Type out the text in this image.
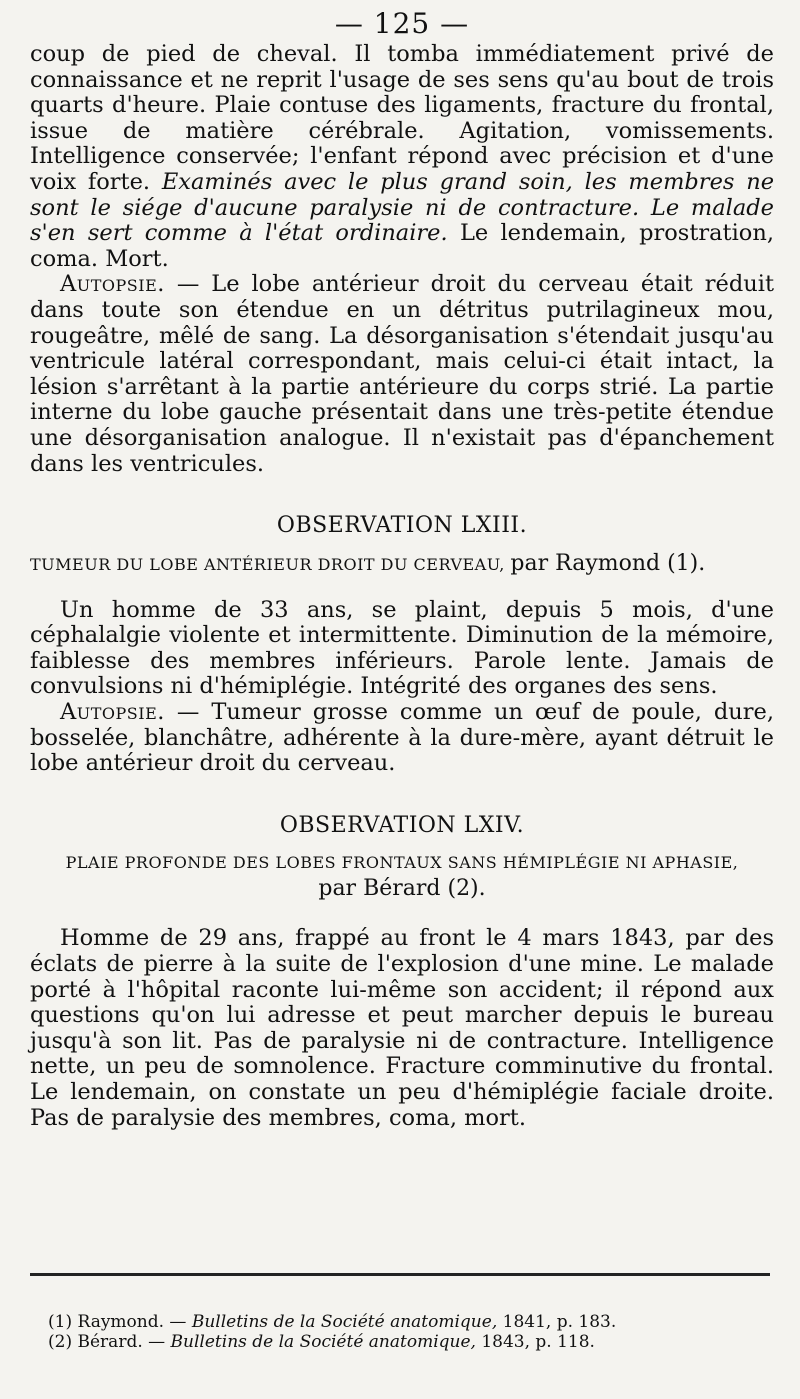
— 125 —

coup de pied de cheval. Il tomba immédiatement privé de connaissance et ne reprit l'usage de ses sens qu'au bout de trois quarts d'heure. Plaie contuse des ligaments, fracture du frontal, issue de matière cérébrale. Agitation, vomissements. Intelligence conservée; l'enfant répond avec précision et d'une voix forte. Examinés avec le plus grand soin, les membres ne sont le siége d'aucune paralysie ni de contracture. Le malade s'en sert comme à l'état ordinaire. Le lendemain, prostration, coma. Mort.

Autopsie. — Le lobe antérieur droit du cerveau était réduit dans toute son étendue en un détritus putrilagineux mou, rougeâtre, mêlé de sang. La désorganisation s'étendait jusqu'au ventricule latéral correspondant, mais celui-ci était intact, la lésion s'arrêtant à la partie antérieure du corps strié. La partie interne du lobe gauche présentait dans une très-petite étendue une désorganisation analogue. Il n'existait pas d'épanchement dans les ventricules.

OBSERVATION LXIII.
TUMEUR DU LOBE ANTÉRIEUR DROIT DU CERVEAU, par Raymond (1).

Un homme de 33 ans, se plaint, depuis 5 mois, d'une céphalalgie violente et intermittente. Diminution de la mémoire, faiblesse des membres inférieurs. Parole lente. Jamais de convulsions ni d'hémiplégie. Intégrité des organes des sens.

Autopsie. — Tumeur grosse comme un œuf de poule, dure, bosselée, blanchâtre, adhérente à la dure-mère, ayant détruit le lobe antérieur droit du cerveau.

OBSERVATION LXIV.
PLAIE PROFONDE DES LOBES FRONTAUX SANS HÉMIPLÉGIE NI APHASIE,
par Bérard (2).

Homme de 29 ans, frappé au front le 4 mars 1843, par des éclats de pierre à la suite de l'explosion d'une mine. Le malade porté à l'hôpital raconte lui-même son accident; il répond aux questions qu'on lui adresse et peut marcher depuis le bureau jusqu'à son lit. Pas de paralysie ni de contracture. Intelligence nette, un peu de somnolence. Fracture comminutive du frontal. Le lendemain, on constate un peu d'hémiplégie faciale droite. Pas de paralysie des membres, coma, mort.

(1) Raymond. — Bulletins de la Société anatomique, 1841, p. 183.
(2) Bérard. — Bulletins de la Société anatomique, 1843, p. 118.
